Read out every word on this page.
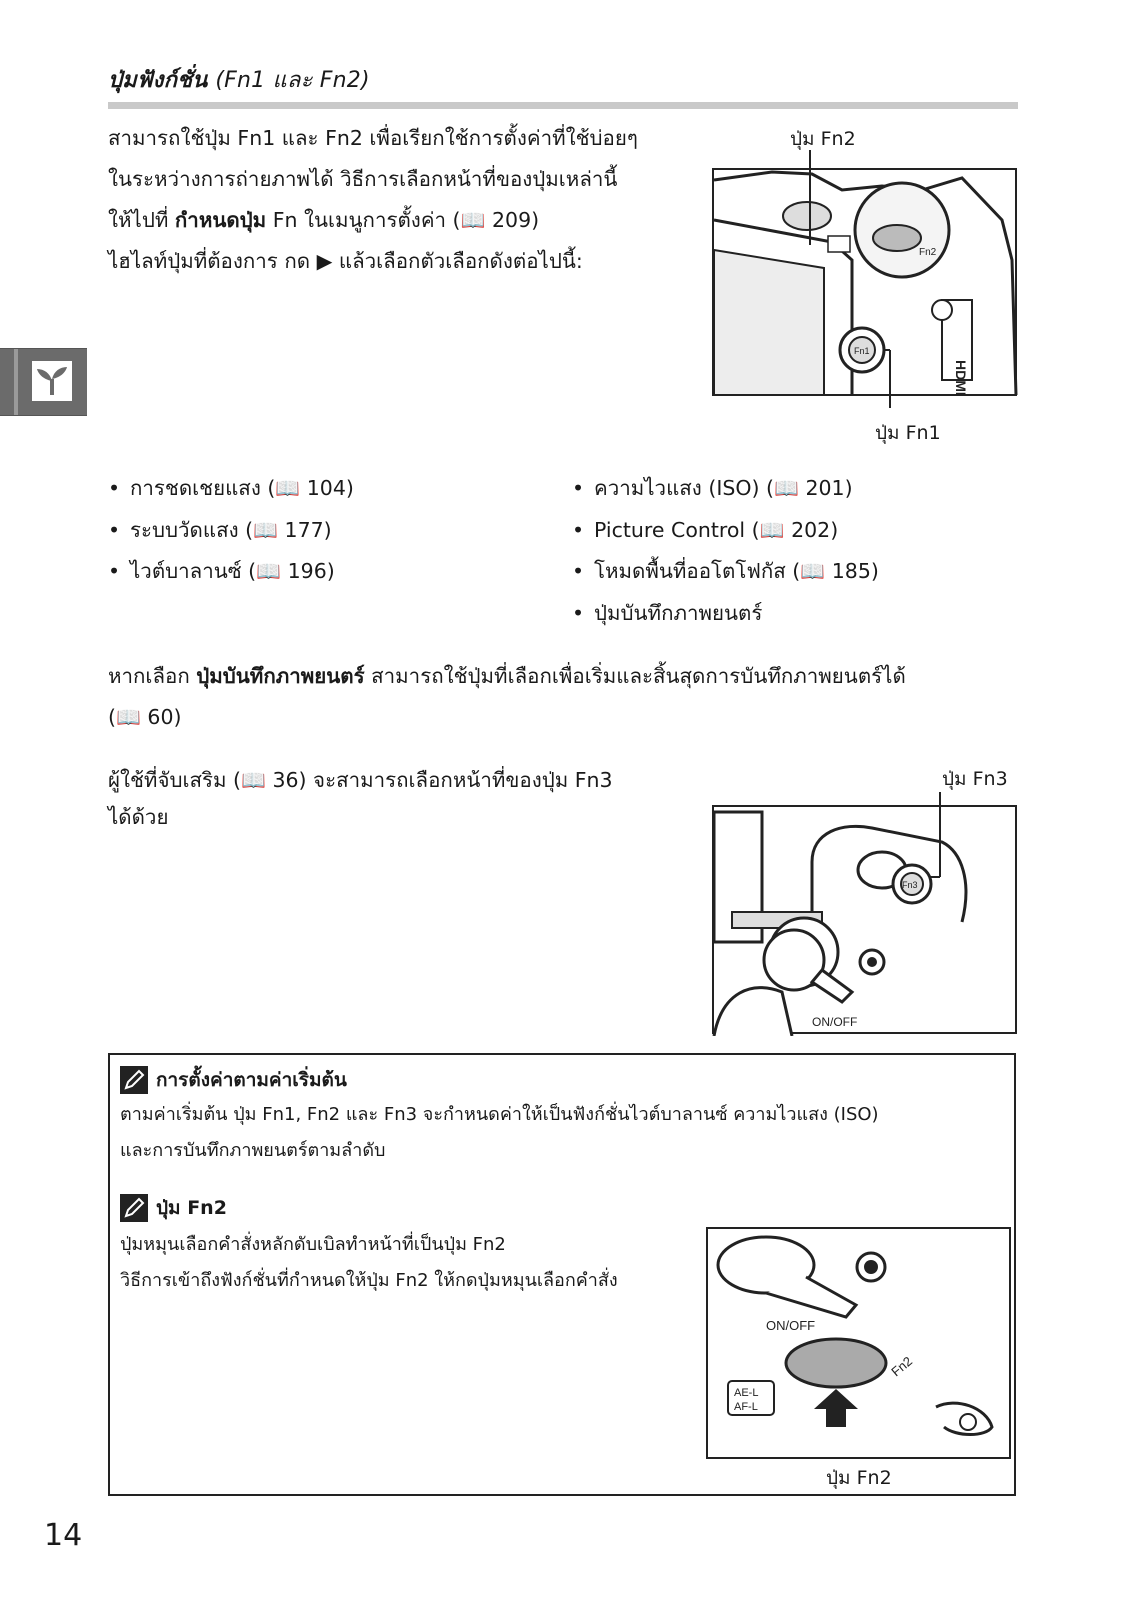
ปุ่มฟังก์ชั่น (Fn1 และ Fn2)
สามารถใช้ปุ่ม Fn1 และ Fn2 เพื่อเรียกใช้การตั้งค่าที่ใช้บ่อยๆ
ในระหว่างการถ่ายภาพได้ วิธีการเลือกหน้าที่ของปุ่มเหล่านี้
ให้ไปที่ กำหนดปุ่ม Fn ในเมนูการตั้งค่า (📖 209)
ไฮไลท์ปุ่มที่ต้องการ กด ▶ แล้วเลือกตัวเลือกดังต่อไปนี้:
ปุ่ม Fn2
ปุ่ม Fn1
Fn2
HDMI
Fn1
• การชดเชยแสง (📖 104)
• ระบบวัดแสง (📖 177)
• ไวต์บาลานซ์ (📖 196)
• ความไวแสง (ISO) (📖 201)
• Picture Control (📖 202)
• โหมดพื้นที่ออโตโฟกัส (📖 185)
• ปุ่มบันทึกภาพยนตร์
หากเลือก ปุ่มบันทึกภาพยนตร์ สามารถใช้ปุ่มที่เลือกเพื่อเริ่มและสิ้นสุดการบันทึกภาพยนตร์ได้
(📖 60)
ผู้ใช้ที่จับเสริม (📖 36) จะสามารถเลือกหน้าที่ของปุ่ม Fn3
ได้ด้วย
ปุ่ม Fn3
Fn3
ON/OFF
การตั้งค่าตามค่าเริ่มต้น
ตามค่าเริ่มต้น ปุ่ม Fn1, Fn2 และ Fn3 จะกำหนดค่าให้เป็นฟังก์ชั่นไวต์บาลานซ์ ความไวแสง (ISO)
และการบันทึกภาพยนตร์ตามลำดับ
ปุ่ม Fn2
ปุ่มหมุนเลือกคำสั่งหลักดับเบิลทำหน้าที่เป็นปุ่ม Fn2
วิธีการเข้าถึงฟังก์ชั่นที่กำหนดให้ปุ่ม Fn2 ให้กดปุ่มหมุนเลือกคำสั่ง
ON/OFF
Fn2
AE-L
AF-L
ปุ่ม Fn2
14
